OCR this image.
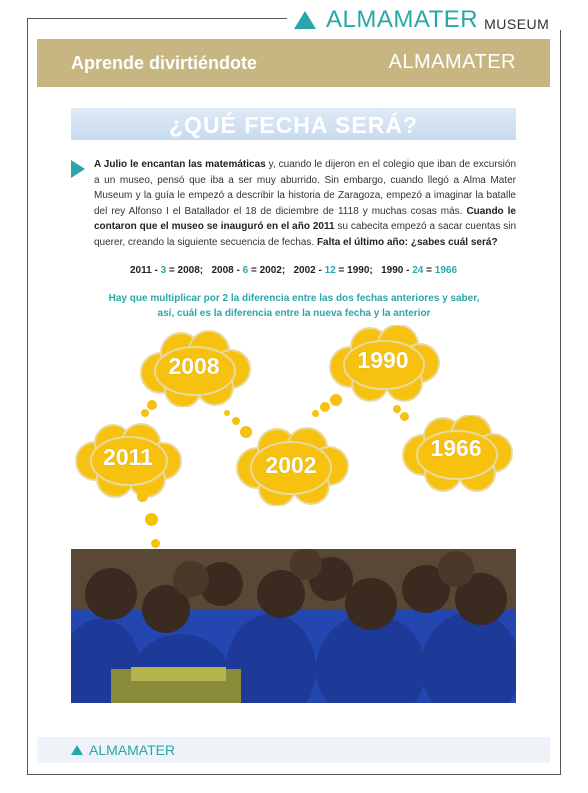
ALMA MATER MUSEUM
Aprende divirtiéndote	ALMAMATER
¿QUÉ FECHA SERÁ?
A Julio le encantan las matemáticas y, cuando le dijeron en el colegio que iban de excursión a un museo, pensó que iba a ser muy aburrido. Sin embargo, cuando llegó a Alma Mater Museum y la guía le empezó a describir la historia de Zaragoza, empezó a imaginar la batalle del rey Alfonso I el Batallador el 18 de diciembre de 1118 y muchas cosas más. Cuando le contaron que el museo se inauguró en el año 2011 su cabecita empezó a sacar cuentas sin querer, creando la siguiente secuencia de fechas. Falta el último año: ¿sabes cuál será?
2011 - 3 = 2008; 2008 - 6 = 2002; 2002 - 12 = 1990; 1990 - 24 = 1966
Hay que multiplicar por 2 la diferencia entre las dos fechas anteriores y saber,
así, cuál es la diferencia entre la nueva fecha y la anterior
2008
2011	2002
1990
1966
ALMA MATER
